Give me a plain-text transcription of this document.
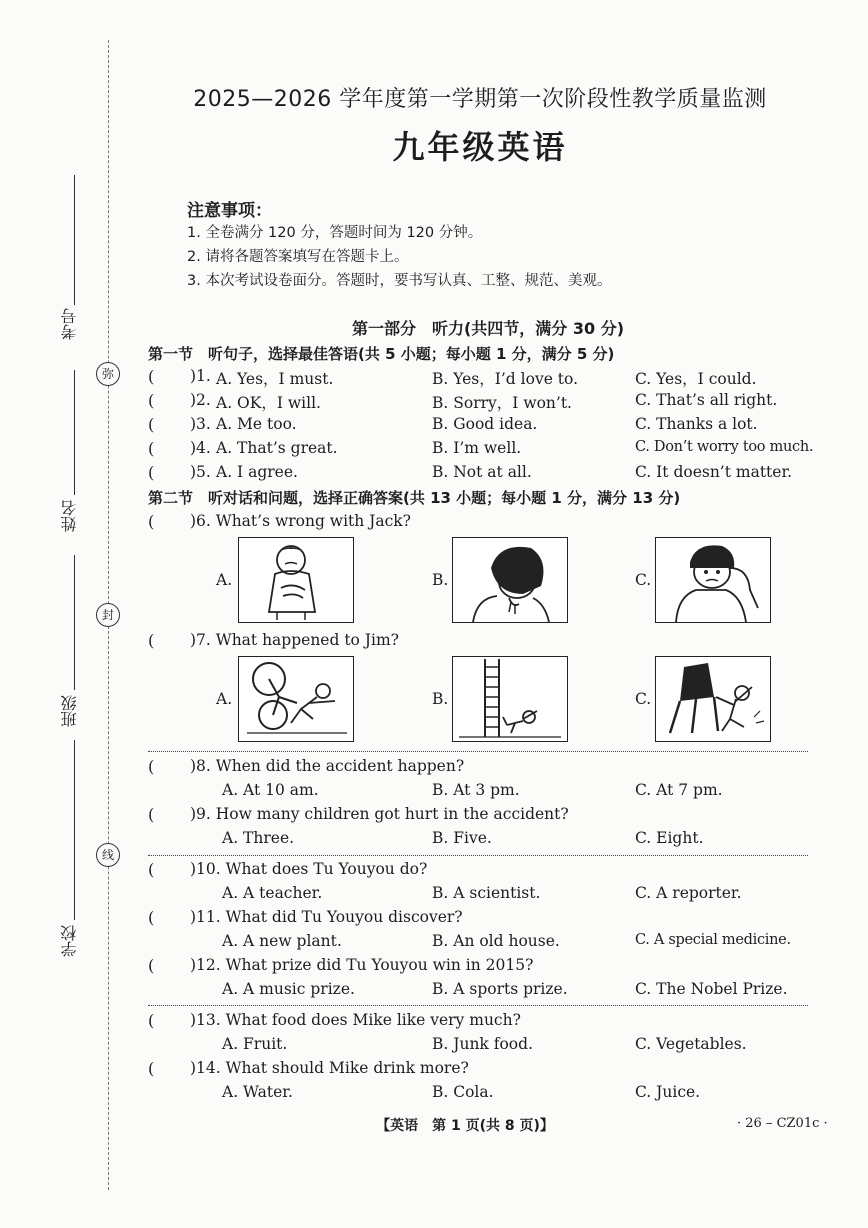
弥
封
线
考号
姓名
班级
学校
2025—2026 学年度第一学期第一次阶段性教学质量监测
九年级英语
注意事项：
1. 全卷满分 120 分，答题时间为 120 分钟。
2. 请将各题答案填写在答题卡上。
3. 本次考试设卷面分。答题时，要书写认真、工整、规范、美观。
第一部分　听力(共四节，满分 30 分)
第一节　听句子，选择最佳答语(共 5 小题；每小题 1 分，满分 5 分)
( )1. A. Yes，I must.	B. Yes，I’d love to.	C. Yes，I could.
( )2. A. OK，I will.	B. Sorry，I won’t.	C. That’s all right.
( )3. A. Me too.	B. Good idea.	C. Thanks a lot.
( )4. A. That’s great.	B. I’m well.	C. Don’t worry too much.
( )5. A. I agree.	B. Not at all.	C. It doesn’t matter.
第二节　听对话和问题，选择正确答案(共 13 小题；每小题 1 分，满分 13 分)
( )6. What’s wrong with Jack?
A.	B.	C.
( )7. What happened to Jim?
A.	B.	C.
( )8. When did the accident happen?
A. At 10 am.	B. At 3 pm.	C. At 7 pm.
( )9. How many children got hurt in the accident?
A. Three.	B. Five.	C. Eight.
( )10. What does Tu Youyou do?
A. A teacher.	B. A scientist.	C. A reporter.
( )11. What did Tu Youyou discover?
A. A new plant.	B. An old house.	C. A special medicine.
( )12. What prize did Tu Youyou win in 2015?
A. A music prize.	B. A sports prize.	C. The Nobel Prize.
( )13. What food does Mike like very much?
A. Fruit.	B. Junk food.	C. Vegetables.
( )14. What should Mike drink more?
A. Water.	B. Cola.	C. Juice.
【英语　第 1 页(共 8 页)】	· 26 – CZ01c ·
